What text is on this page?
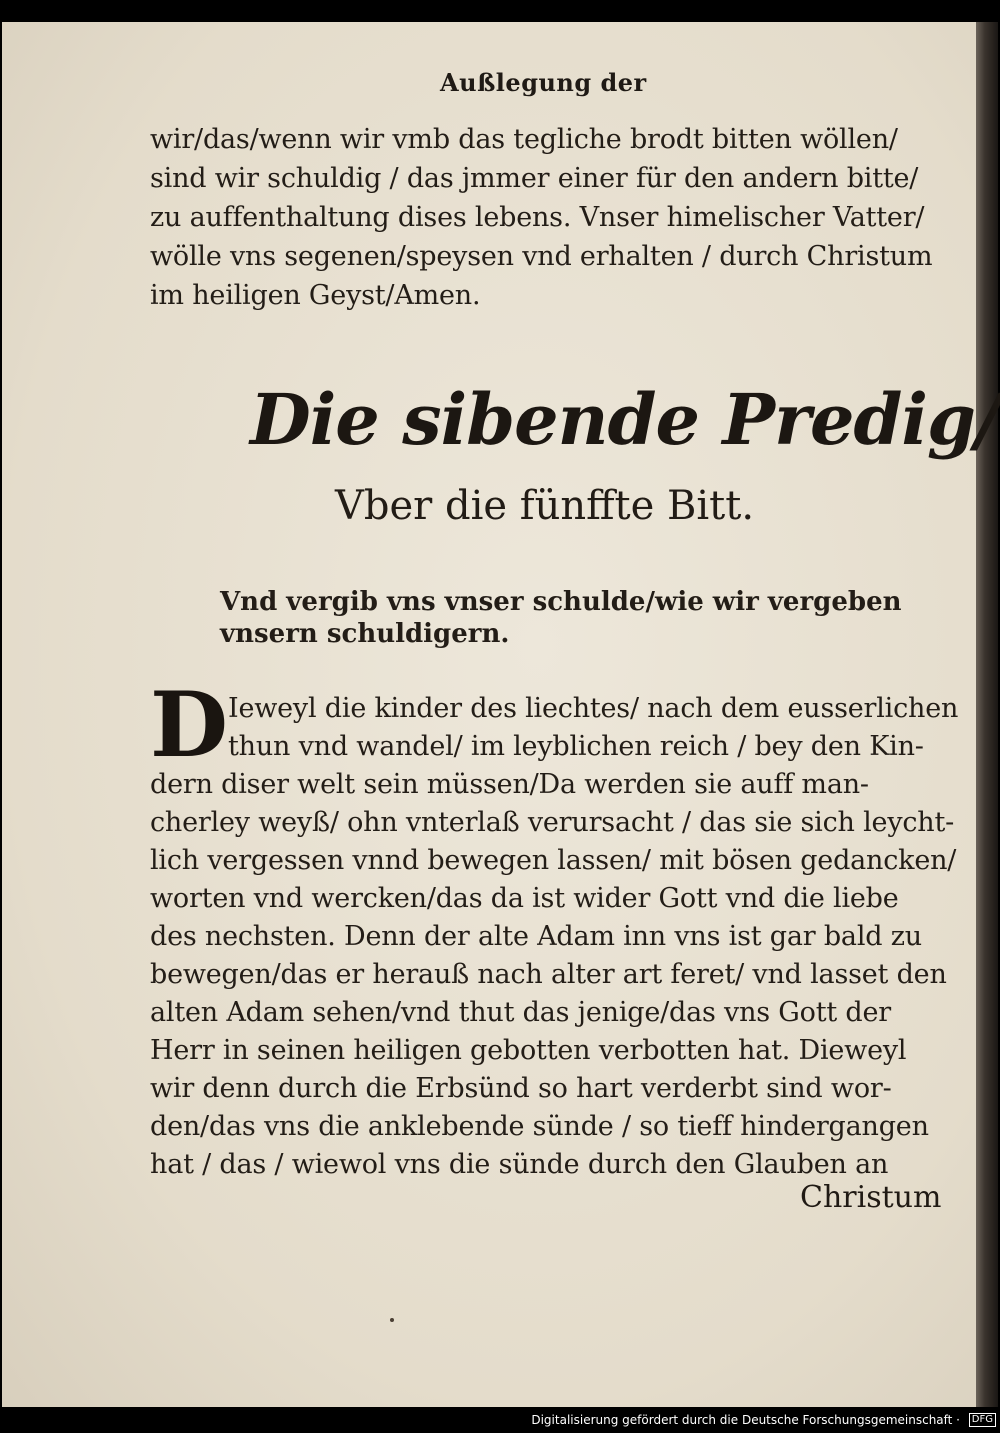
Außlegung der
wir/das/wenn wir vmb das tegliche brodt bitten wöllen/
sind wir schuldig / das jmmer einer für den andern bitte/
zu auffenthaltung dises lebens. Vnser himelischer Vatter/
wölle vns segenen/speysen vnd erhalten / durch Christum
im heiligen Geyst/Amen.
Die sibende Predig/
Vber die fünffte Bitt.
Vnd vergib vns vnser schulde/wie wir vergeben
vnsern schuldigern.
D Ieweyl die kinder des liechtes/ nach dem eusserlichen
thun vnd wandel/ im leyblichen reich / bey den Kin-
dern diser welt sein müssen/Da werden sie auff man-
cherley weyß/ ohn vnterlaß verursacht / das sie sich leycht-
lich vergessen vnnd bewegen lassen/ mit bösen gedancken/
worten vnd wercken/das da ist wider Gott vnd die liebe
des nechsten. Denn der alte Adam inn vns ist gar bald zu
bewegen/das er herauß nach alter art feret/ vnd lasset den
alten Adam sehen/vnd thut das jenige/das vns Gott der
Herr in seinen heiligen gebotten verbotten hat. Dieweyl
wir denn durch die Erbsünd so hart verderbt sind wor-
den/das vns die anklebende sünde / so tieff hindergangen
hat / das / wiewol vns die sünde durch den Glauben an
Christum
Digitalisierung gefördert durch die Deutsche Forschungsgemeinschaft ·	DFG
